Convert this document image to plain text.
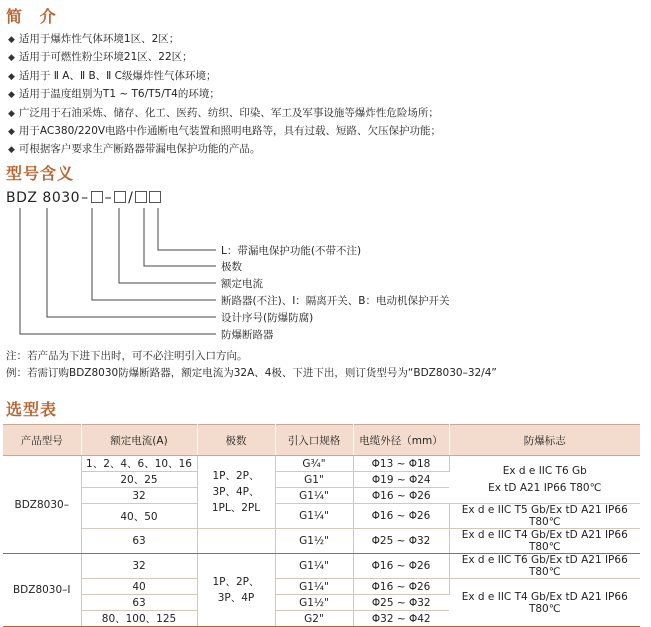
简 介
◆ 适用于爆炸性气体环境1区、2区；
◆ 适用于可燃性粉尘环境21区、22区；
◆ 适用于 Ⅱ A、Ⅱ B、Ⅱ C级爆炸性气体环境；
◆ 适用于温度组别为T1 ~ T6/T5/T4的环境；
◆ 广泛用于石油采炼、储存、化工、医药、纺织、印染、军工及军事设施等爆炸性危险场所；
◆ 用于AC380/220V电路中作通断电气装置和照明电路等，具有过载、短路、欠压保护功能；
◆ 可根据客户要求生产断路器带漏电保护功能的产品。
型号含义
BDZ 8030– – /
L：带漏电保护功能(不带不注)
极数
额定电流
断路器(不注)、I：隔离开关、B：电动机保护开关
设计序号(防爆防腐)
防爆断路器
注：若产品为下进下出时，可不必注明引入口方向。
例：若需订购BDZ8030防爆断路器，额定电流为32A、4极、下进下出，则订货型号为“BDZ8030–32/4”
选型表
产品型号	额定电流(A)	极数	引入口规格	电缆外径（mm）	防爆标志
BDZ8030–	1、2、4、6、10、16	1P、2P、
3P、4P、
1PL、2PL	G¾"	Φ13 ~ Φ18	Ex d e IIC T6 Gb
Ex tD A21 IP66 T80℃
	20、25		G1"	Φ19 ~ Φ24	
	32		G1¼"	Φ16 ~ Φ26	
	40、50		G1¼"	Φ16 ~ Φ26	Ex d e IIC T5 Gb/Ex tD A21 IP66 T80℃
	63		G1½"	Φ25 ~ Φ32	Ex d e IIC T4 Gb/Ex tD A21 IP66 T80℃
BDZ8030–I	32	1P、2P、
3P、4P	G1¼"	Φ16 ~ Φ26	Ex d e IIC T6 Gb/Ex tD A21 IP66 T80℃
	40		G1¼"	Φ16 ~ Φ26	Ex d e IIC T4 Gb/Ex tD A21 IP66 T80℃
	63		G1½"	Φ25 ~ Φ32	
	80、100、125		G2"	Φ32 ~ Φ42	
